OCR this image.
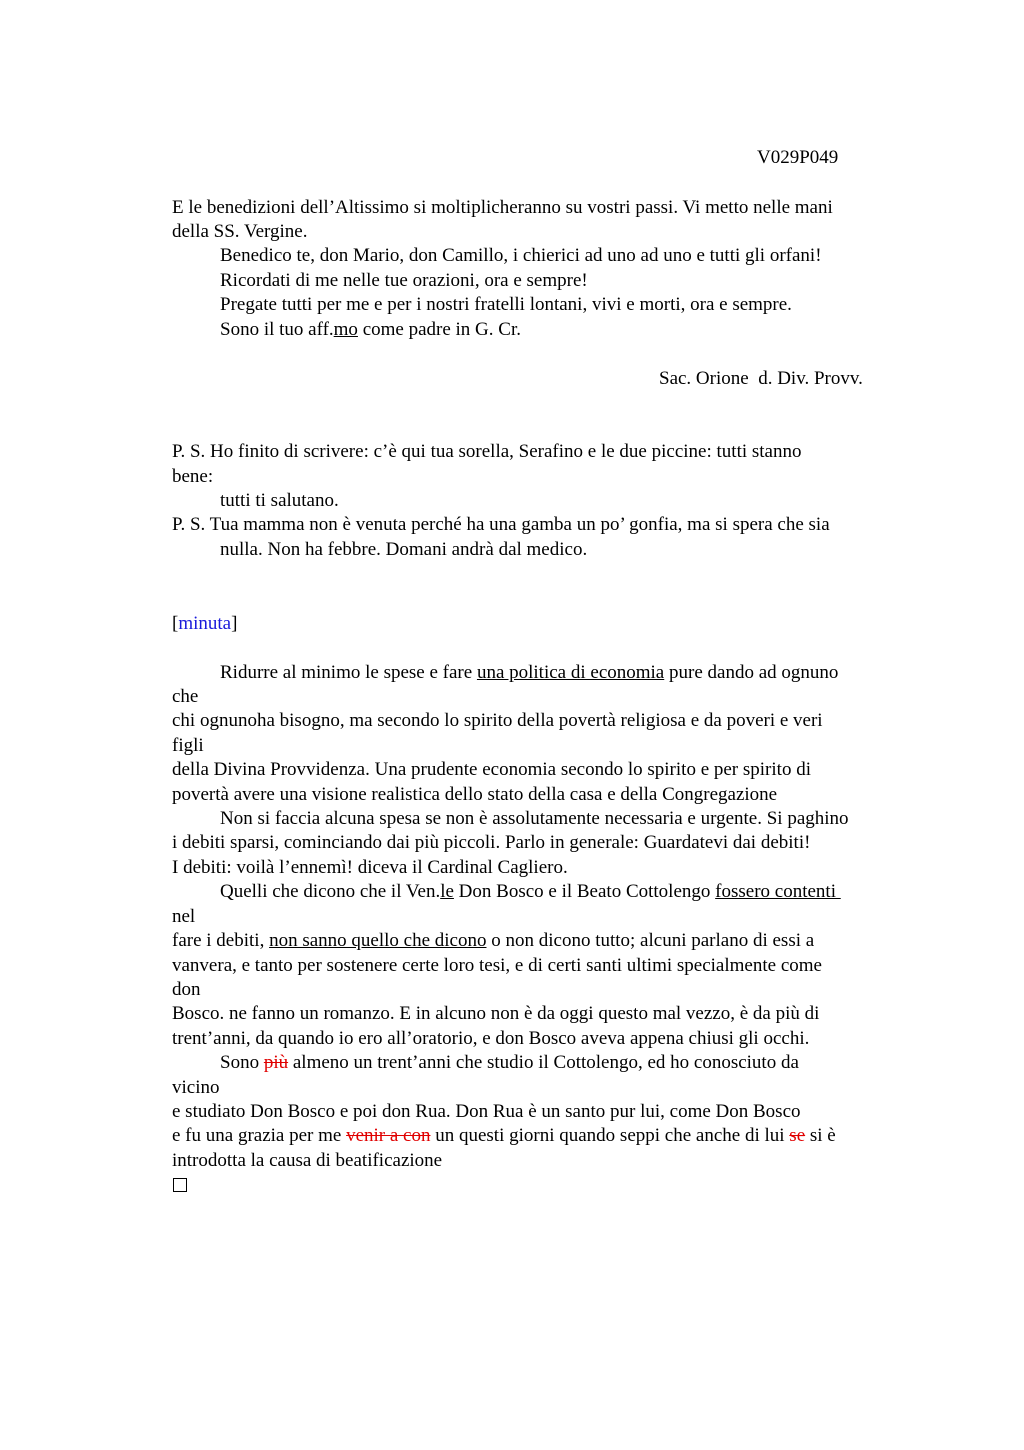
V029P049
E le benedizioni dell’Altissimo si moltiplicheranno su vostri passi. Vi metto nelle mani
della SS. Vergine.
Benedico te, don Mario, don Camillo, i chierici ad uno ad uno e tutti gli orfani!
Ricordati di me nelle tue orazioni, ora e sempre!
Pregate tutti per me e per i nostri fratelli lontani, vivi e morti, ora e sempre.
Sono il tuo aff.mo come padre in G. Cr.
Sac. Orione  d. Div. Provv.
P. S. Ho finito di scrivere: c’è qui tua sorella, Serafino e le due piccine: tutti stanno
bene:
tutti ti salutano.
P. S. Tua mamma non è venuta perché ha una gamba un po’ gonfia, ma si spera che sia
nulla. Non ha febbre. Domani andrà dal medico.
[minuta]
Ridurre al minimo le spese e fare una politica di economia pure dando ad ognuno
che
chi ognunoha bisogno, ma secondo lo spirito della povertà religiosa e da poveri e veri
figli
della Divina Provvidenza. Una prudente economia secondo lo spirito e per spirito di
povertà avere una visione realistica dello stato della casa e della Congregazione
Non si faccia alcuna spesa se non è assolutamente necessaria e urgente. Si paghino
i debiti sparsi, cominciando dai più piccoli. Parlo in generale: Guardatevi dai debiti!
I debiti: voilà l’ennemì! diceva il Cardinal Cagliero.
Quelli che dicono che il Ven.le Don Bosco e il Beato Cottolengo fossero contenti
nel
fare i debiti, non sanno quello che dicono o non dicono tutto; alcuni parlano di essi a
vanvera, e tanto per sostenere certe loro tesi, e di certi santi ultimi specialmente come
don
Bosco. ne fanno un romanzo. E in alcuno non è da oggi questo mal vezzo, è da più di
trent’anni, da quando io ero all’oratorio, e don Bosco aveva appena chiusi gli occhi.
Sono più almeno un trent’anni che studio il Cottolengo, ed ho conosciuto da
vicino
e studiato Don Bosco e poi don Rua. Don Rua è un santo pur lui, come Don Bosco
e fu una grazia per me venir a con un questi giorni quando seppi che anche di lui se si è
introdotta la causa di beatificazione
